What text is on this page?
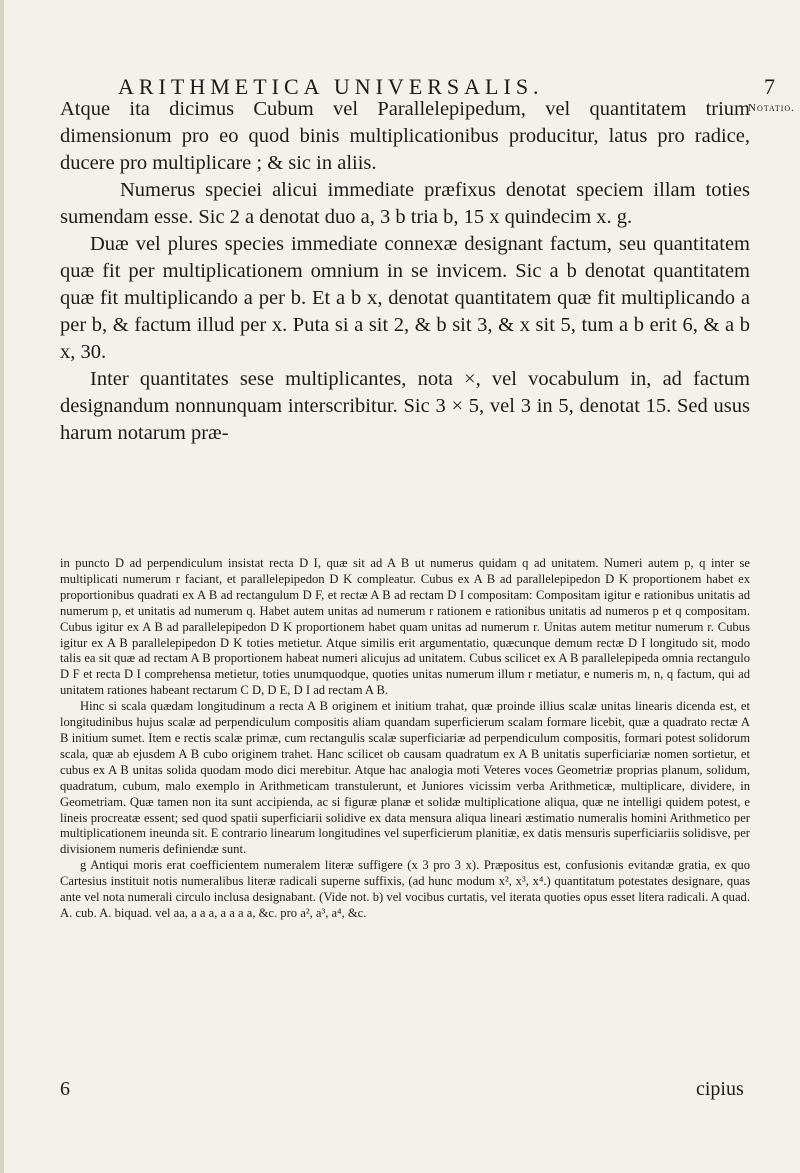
ARITHMETICA UNIVERSALIS.	7
Notatio.

Atque ita dicimus Cubum vel Parallelepipedum, vel quantitatem trium dimensionum pro eo quod binis multiplicationibus producitur, latus pro radice, ducere pro multiplicare ; & sic in aliis.

Numerus speciei alicui immediate præfixus denotat speciem illam toties sumendam esse. Sic 2 a denotat duo a, 3 b tria b, 15 x quindecim x. g.

Duæ vel plures species immediate connexæ designant factum, seu quantitatem quæ fit per multiplicationem omnium in se invicem. Sic a b denotat quantitatem quæ fit multiplicando a per b. Et a b x, denotat quantitatem quæ fit multiplicando a per b, & factum illud per x. Puta si a sit 2, & b sit 3, & x sit 5, tum a b erit 6, & a b x, 30.

Inter quantitates sese multiplicantes, nota ×, vel vocabulum in, ad factum designandum nonnunquam interscribitur. Sic 3 × 5, vel 3 in 5, denotat 15. Sed usus harum notarum præ-

in puncto D ad perpendiculum insistat recta D I, quæ sit ad A B ut numerus quidam q ad unitatem. Numeri autem p, q inter se multiplicati numerum r faciant, et parallelepipedon D K compleatur. Cubus ex A B ad parallelepipedon D K proportionem habet ex proportionibus quadrati ex A B ad rectangulum D F, et rectæ A B ad rectam D I compositam: Compositam igitur e rationibus unitatis ad numerum p, et unitatis ad numerum q. Habet autem unitas ad numerum r rationem e rationibus unitatis ad numeros p et q compositam. Cubus igitur ex A B ad parallelepipedon D K proportionem habet quam unitas ad numerum r. Unitas autem metitur numerum r. Cubus igitur ex A B parallelepipedon D K toties metietur. Atque similis erit argumentatio, quæcunque demum rectæ D I longitudo sit, modo talis ea sit quæ ad rectam A B proportionem habeat numeri alicujus ad unitatem. Cubus scilicet ex A B parallelepipeda omnia rectangulo D F et recta D I comprehensa metietur, toties unumquodque, quoties unitas numerum illum r metiatur, e numeris m, n, q factum, qui ad unitatem rationes habeant rectarum C D, D E, D I ad rectam A B.

Hinc si scala quædam longitudinum a recta A B originem et initium trahat, quæ proinde illius scalæ unitas linearis dicenda est, et longitudinibus hujus scalæ ad perpendiculum compositis aliam quandam superficierum scalam formare licebit, quæ a quadrato rectæ A B initium sumet. Item e rectis scalæ primæ, cum rectangulis scalæ superficiariæ ad perpendiculum compositis, formari potest solidorum scala, quæ ab ejusdem A B cubo originem trahet. Hanc scilicet ob causam quadratum ex A B unitatis superficiariæ nomen sortietur, et cubus ex A B unitas solida quodam modo dici merebitur. Atque hac analogia moti Veteres voces Geometriæ proprias planum, solidum, quadratum, cubum, malo exemplo in Arithmeticam transtulerunt, et Juniores vicissim verba Arithmeticæ, multiplicare, dividere, in Geometriam. Quæ tamen non ita sunt accipienda, ac si figuræ planæ et solidæ multiplicatione aliqua, quæ ne intelligi quidem potest, e lineis procreatæ essent; sed quod spatii superficiarii solidive ex data mensura aliqua lineari æstimatio numeralis homini Arithmetico per multiplicationem ineunda sit. E contrario linearum longitudines vel superficierum planitiæ, ex datis mensuris superficiariis solidisve, per divisionem numeris definiendæ sunt.

g Antiqui moris erat coefficientem numeralem literæ suffigere (x 3 pro 3 x). Præpositus est, confusionis evitandæ gratia, ex quo Cartesius instituit notis numeralibus literæ radicali superne suffixis, (ad hunc modum x², x³, x⁴.) quantitatum potestates designare, quas ante vel nota numerali circulo inclusa designabant. (Vide not. b) vel vocibus curtatis, vel iterata quoties opus esset litera radicali. A quad. A. cub. A. biquad. vel aa, a a a, a a a a, &c. pro a², a³, a⁴, &c.

6	cipius
